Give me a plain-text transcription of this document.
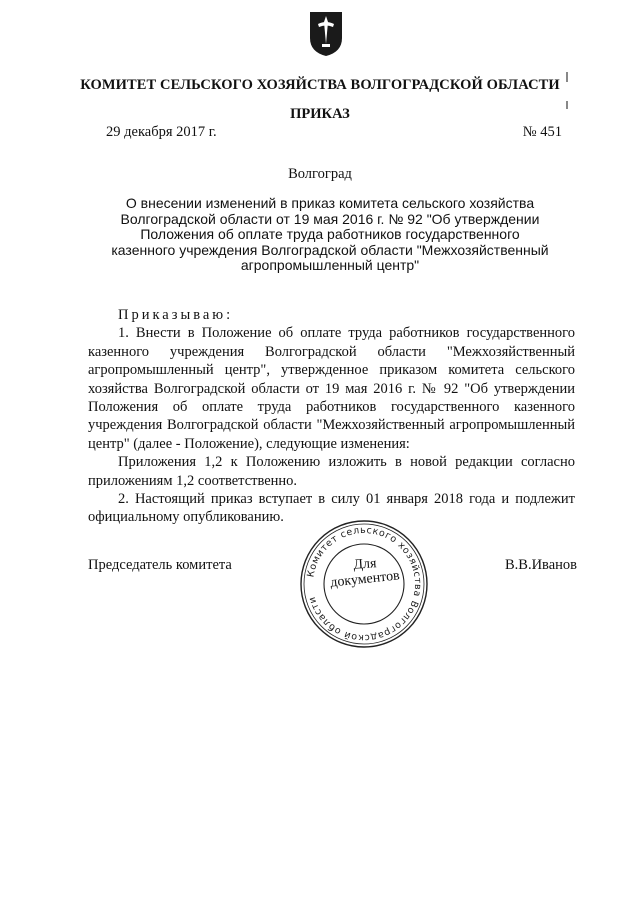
КОМИТЕТ СЕЛЬСКОГО ХОЗЯЙСТВА ВОЛГОГРАДСКОЙ ОБЛАСТИ
ПРИКАЗ
29 декабря 2017 г.	№ 451
Волгоград
О внесении изменений в приказ комитета сельского хозяйства Волгоградской области от 19 мая 2016 г. № 92 "Об утверждении Положения об оплате труда работников государственного казенного учреждения Волгоградской области "Межхозяйственный агропромышленный центр"
Приказываю:

1. Внести в Положение об оплате труда работников государственного казенного учреждения Волгоградской области "Межхозяйственный агропромышленный центр", утвержденное приказом комитета сельского хозяйства Волгоградской области от 19 мая 2016 г. № 92 "Об утверждении Положения об оплате труда работников государственного казенного учреждения Волгоградской области "Межхозяйственный агропромышленный центр" (далее - Положение), следующие изменения:

Приложения 1,2 к Положению изложить в новой редакции согласно приложениям 1,2 соответственно.

2. Настоящий приказ вступает в силу 01 января 2018 года и подлежит официальному опубликованию.

Председатель комитета	В.В.Иванов
Комитет сельского хозяйства Волгоградской области
Для
документов
